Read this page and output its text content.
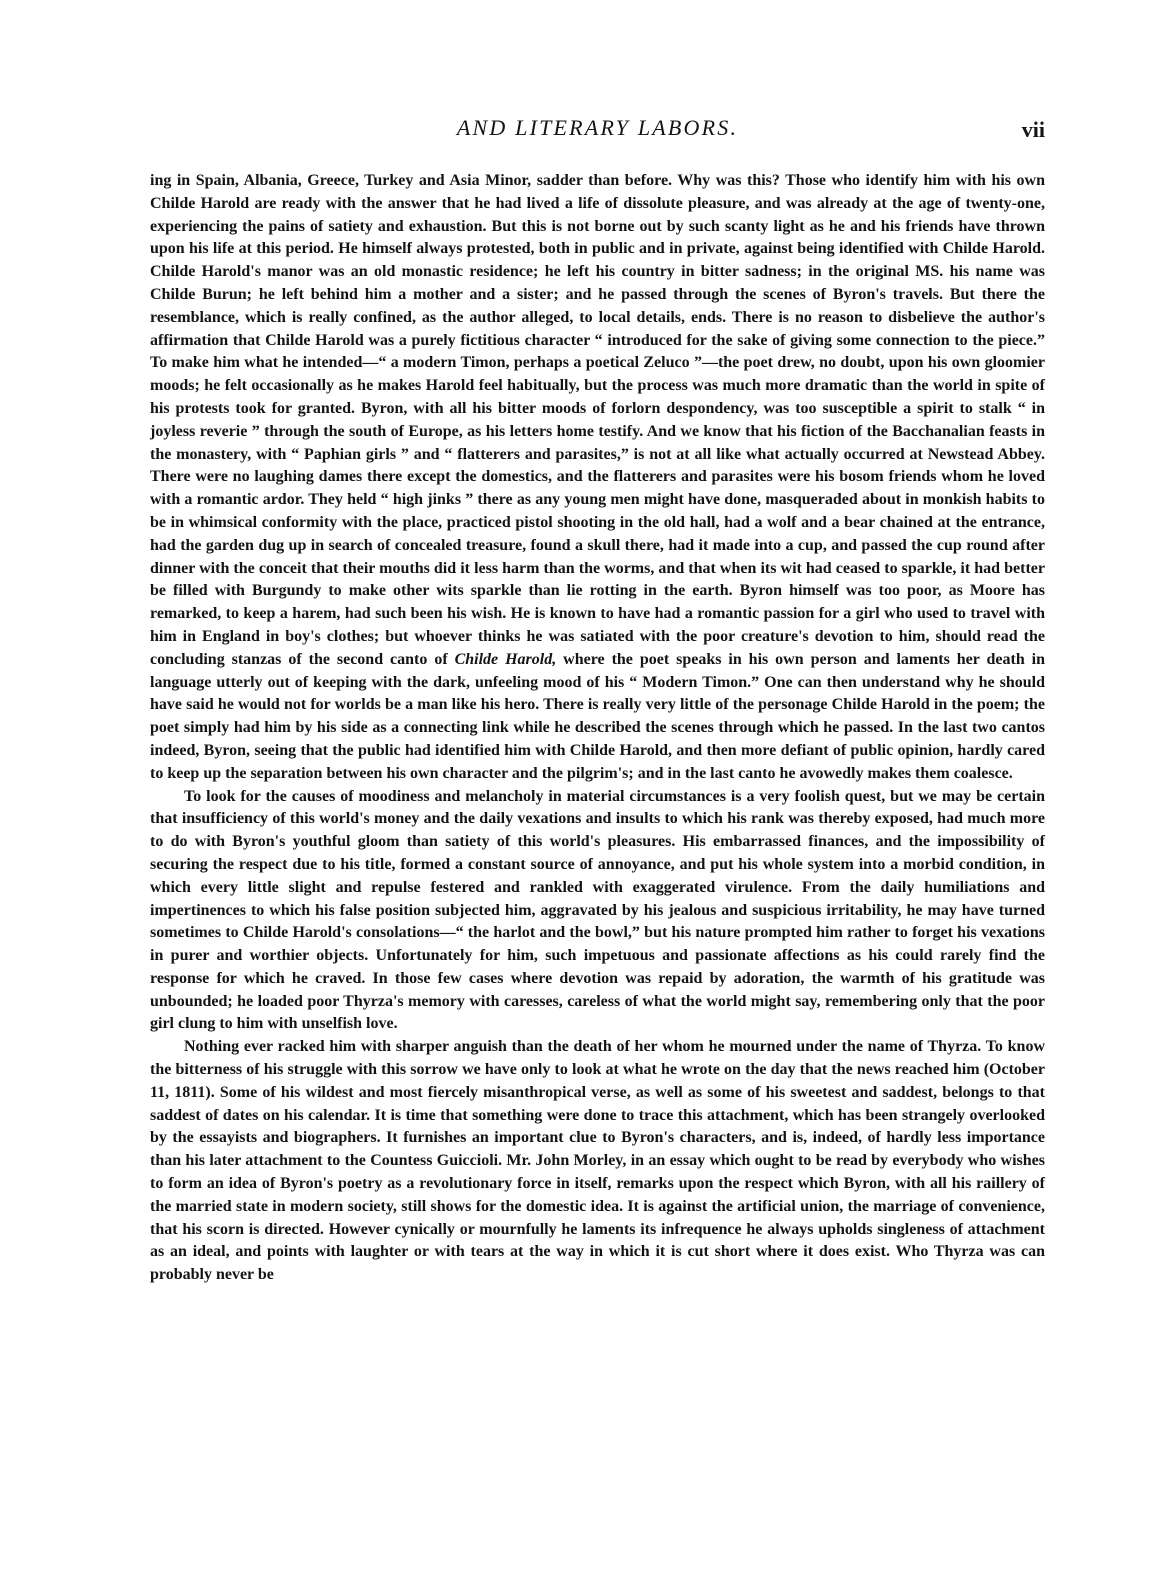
AND LITERARY LABORS.	vii

ing in Spain, Albania, Greece, Turkey and Asia Minor, sadder than before. Why was this? Those who identify him with his own Childe Harold are ready with the answer that he had lived a life of dissolute pleasure, and was already at the age of twenty-one, experiencing the pains of satiety and exhaustion. But this is not borne out by such scanty light as he and his friends have thrown upon his life at this period. He himself always protested, both in public and in private, against being identified with Childe Harold. Childe Harold's manor was an old monastic residence; he left his country in bitter sadness; in the original MS. his name was Childe Burun; he left behind him a mother and a sister; and he passed through the scenes of Byron's travels. But there the resemblance, which is really confined, as the author alleged, to local details, ends. There is no reason to disbelieve the author's affirmation that Childe Harold was a purely fictitious character “ introduced for the sake of giving some connection to the piece.” To make him what he intended—“ a modern Timon, perhaps a poetical Zeluco ”—the poet drew, no doubt, upon his own gloomier moods; he felt occasionally as he makes Harold feel habitually, but the process was much more dramatic than the world in spite of his protests took for granted. Byron, with all his bitter moods of forlorn despondency, was too susceptible a spirit to stalk “ in joyless reverie ” through the south of Europe, as his letters home testify. And we know that his fiction of the Bacchanalian feasts in the monastery, with “ Paphian girls ” and “ flatterers and parasites,” is not at all like what actually occurred at Newstead Abbey. There were no laughing dames there except the domestics, and the flatterers and parasites were his bosom friends whom he loved with a romantic ardor. They held “ high jinks ” there as any young men might have done, masqueraded about in monkish habits to be in whimsical conformity with the place, practiced pistol shooting in the old hall, had a wolf and a bear chained at the entrance, had the garden dug up in search of concealed treasure, found a skull there, had it made into a cup, and passed the cup round after dinner with the conceit that their mouths did it less harm than the worms, and that when its wit had ceased to sparkle, it had better be filled with Burgundy to make other wits sparkle than lie rotting in the earth. Byron himself was too poor, as Moore has remarked, to keep a harem, had such been his wish. He is known to have had a romantic passion for a girl who used to travel with him in England in boy's clothes; but whoever thinks he was satiated with the poor creature's devotion to him, should read the concluding stanzas of the second canto of Childe Harold, where the poet speaks in his own person and laments her death in language utterly out of keeping with the dark, unfeeling mood of his “ Modern Timon.” One can then understand why he should have said he would not for worlds be a man like his hero. There is really very little of the personage Childe Harold in the poem; the poet simply had him by his side as a connecting link while he described the scenes through which he passed. In the last two cantos indeed, Byron, seeing that the public had identified him with Childe Harold, and then more defiant of public opinion, hardly cared to keep up the separation between his own character and the pilgrim's; and in the last canto he avowedly makes them coalesce.

To look for the causes of moodiness and melancholy in material circumstances is a very foolish quest, but we may be certain that insufficiency of this world's money and the daily vexations and insults to which his rank was thereby exposed, had much more to do with Byron's youthful gloom than satiety of this world's pleasures. His embarrassed finances, and the impossibility of securing the respect due to his title, formed a constant source of annoyance, and put his whole system into a morbid condition, in which every little slight and repulse festered and rankled with exaggerated virulence. From the daily humiliations and impertinences to which his false position subjected him, aggravated by his jealous and suspicious irritability, he may have turned sometimes to Childe Harold's consolations—“ the harlot and the bowl,” but his nature prompted him rather to forget his vexations in purer and worthier objects. Unfortunately for him, such impetuous and passionate affections as his could rarely find the response for which he craved. In those few cases where devotion was repaid by adoration, the warmth of his gratitude was unbounded; he loaded poor Thyrza's memory with caresses, careless of what the world might say, remembering only that the poor girl clung to him with unselfish love.

Nothing ever racked him with sharper anguish than the death of her whom he mourned under the name of Thyrza. To know the bitterness of his struggle with this sorrow we have only to look at what he wrote on the day that the news reached him (October 11, 1811). Some of his wildest and most fiercely misanthropical verse, as well as some of his sweetest and saddest, belongs to that saddest of dates on his calendar. It is time that something were done to trace this attachment, which has been strangely overlooked by the essayists and biographers. It furnishes an important clue to Byron's characters, and is, indeed, of hardly less importance than his later attachment to the Countess Guiccioli. Mr. John Morley, in an essay which ought to be read by everybody who wishes to form an idea of Byron's poetry as a revolutionary force in itself, remarks upon the respect which Byron, with all his raillery of the married state in modern society, still shows for the domestic idea. It is against the artificial union, the marriage of convenience, that his scorn is directed. However cynically or mournfully he laments its infrequence he always upholds singleness of attachment as an ideal, and points with laughter or with tears at the way in which it is cut short where it does exist. Who Thyrza was can probably never be
